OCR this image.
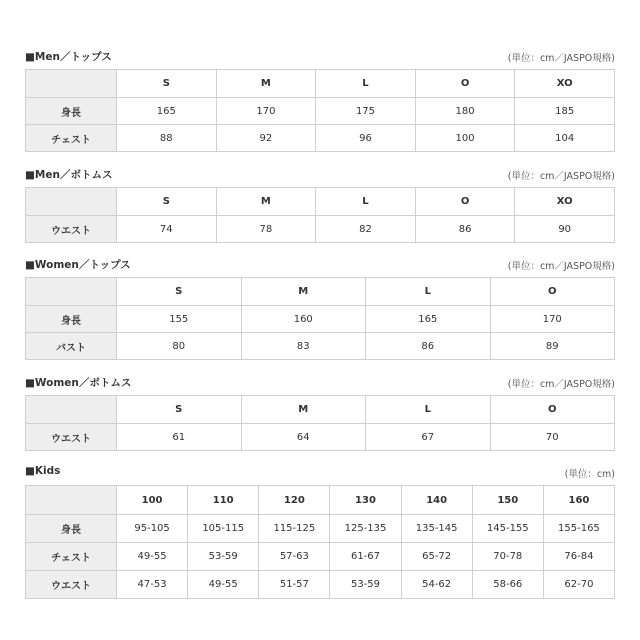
■Men／トップス	(単位：cm／JASPO規格)
	S	M	L	O	XO
身長	165	170	175	180	185
チェスト	88	92	96	100	104
■Men／ボトムス	(単位：cm／JASPO規格)
	S	M	L	O	XO
ウエスト	74	78	82	86	90
■Women／トップス	(単位：cm／JASPO規格)
	S	M	L	O
身長	155	160	165	170
バスト	80	83	86	89
■Women／ボトムス	(単位：cm／JASPO規格)
	S	M	L	O
ウエスト	61	64	67	70
■Kids	(単位：cm)
	100	110	120	130	140	150	160
身長	95-105	105-115	115-125	125-135	135-145	145-155	155-165
チェスト	49-55	53-59	57-63	61-67	65-72	70-78	76-84
ウエスト	47-53	49-55	51-57	53-59	54-62	58-66	62-70
